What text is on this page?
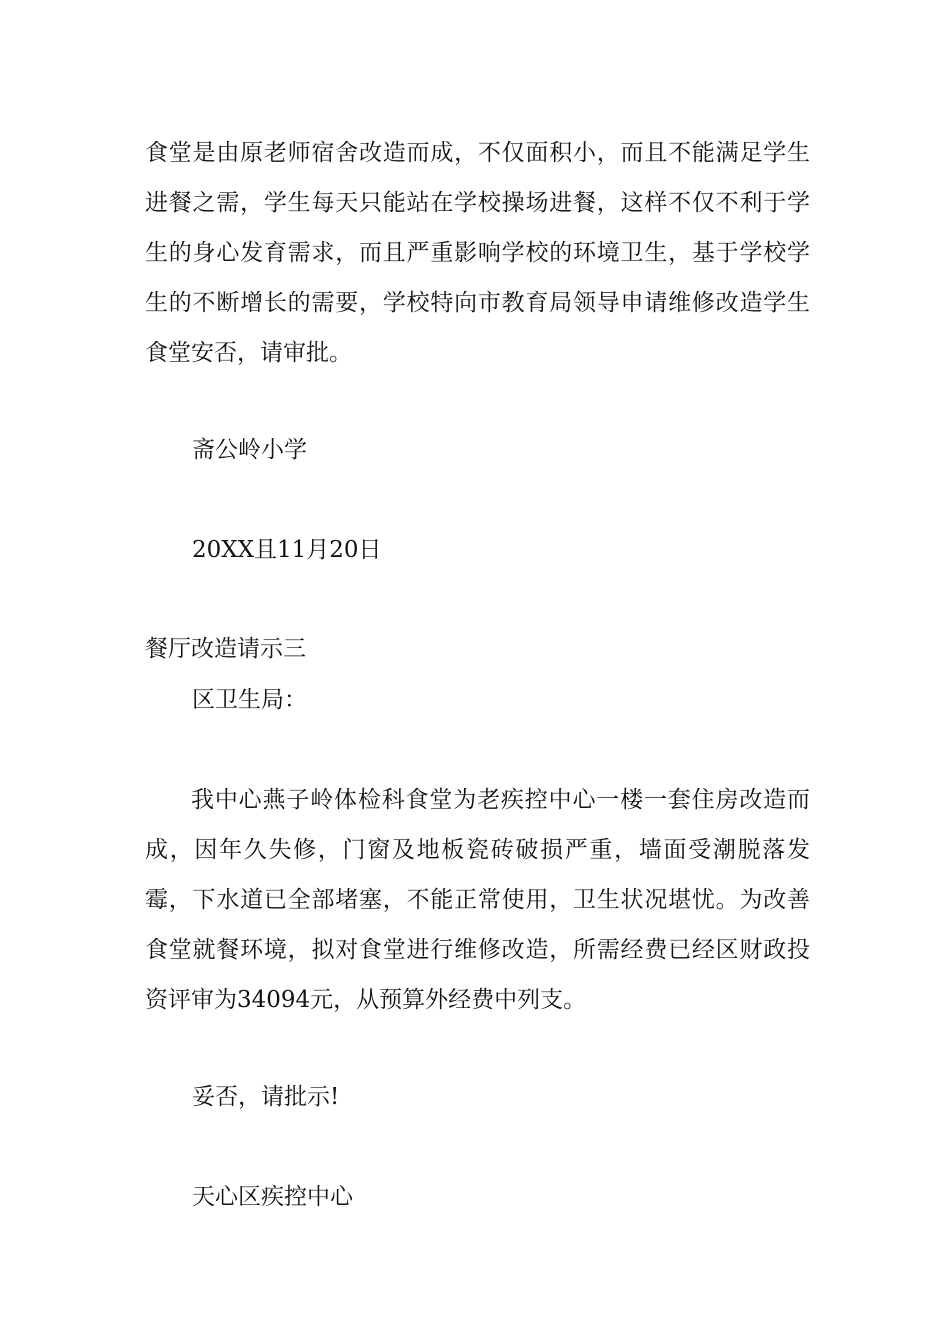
食堂是由原老师宿舍改造而成，不仅面积小，而且不能满足学生进餐之需，学生每天只能站在学校操场进餐，这样不仅不利于学生的身心发育需求，而且严重影响学校的环境卫生，基于学校学生的不断增长的需要，学校特向市教育局领导申请维修改造学生食堂安否，请审批。
斋公岭小学
20XX且11月20日
餐厅改造请示三
区卫生局：
我中心燕子岭体检科食堂为老疾控中心一楼一套住房改造而成，因年久失修，门窗及地板瓷砖破损严重，墙面受潮脱落发霉，下水道已全部堵塞，不能正常使用，卫生状况堪忧。为改善食堂就餐环境，拟对食堂进行维修改造，所需经费已经区财政投资评审为34094元，从预算外经费中列支。
妥否，请批示!
天心区疾控中心
